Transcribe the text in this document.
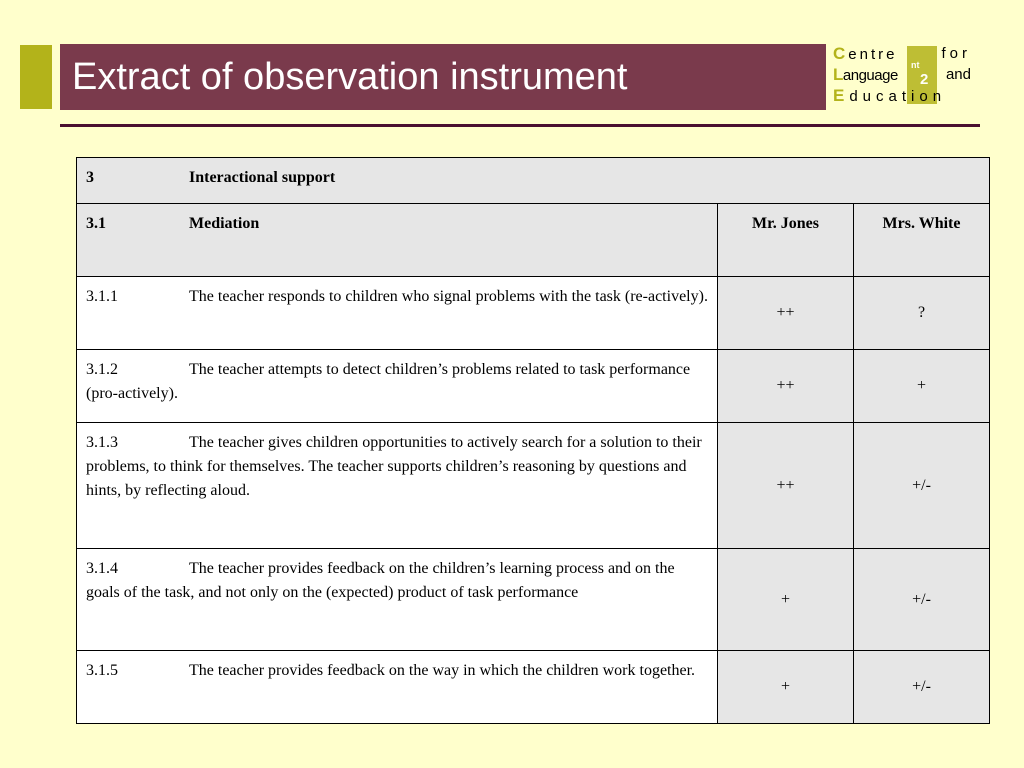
Extract of observation instrument	nt
2
Centre	for
Language	and
Education
3 Interactional support		
3.1 Mediation	Mr. Jones	Mrs. White
3.1.1 The teacher responds to children who signal problems with the task (re-actively).	++	?
3.1.2 The teacher attempts to detect children’s problems related to task performance (pro-actively).	++	+
3.1.3 The teacher gives children opportunities to actively search for a solution to their problems, to think for themselves. The teacher supports children’s reasoning by questions and hints, by reflecting aloud.	++	+/-
3.1.4 The teacher provides feedback on the children’s learning process and on the goals of the task, and not only on the (expected) product of task performance	+	+/-
3.1.5 The teacher provides feedback on the way in which the children work together.	+	+/-
